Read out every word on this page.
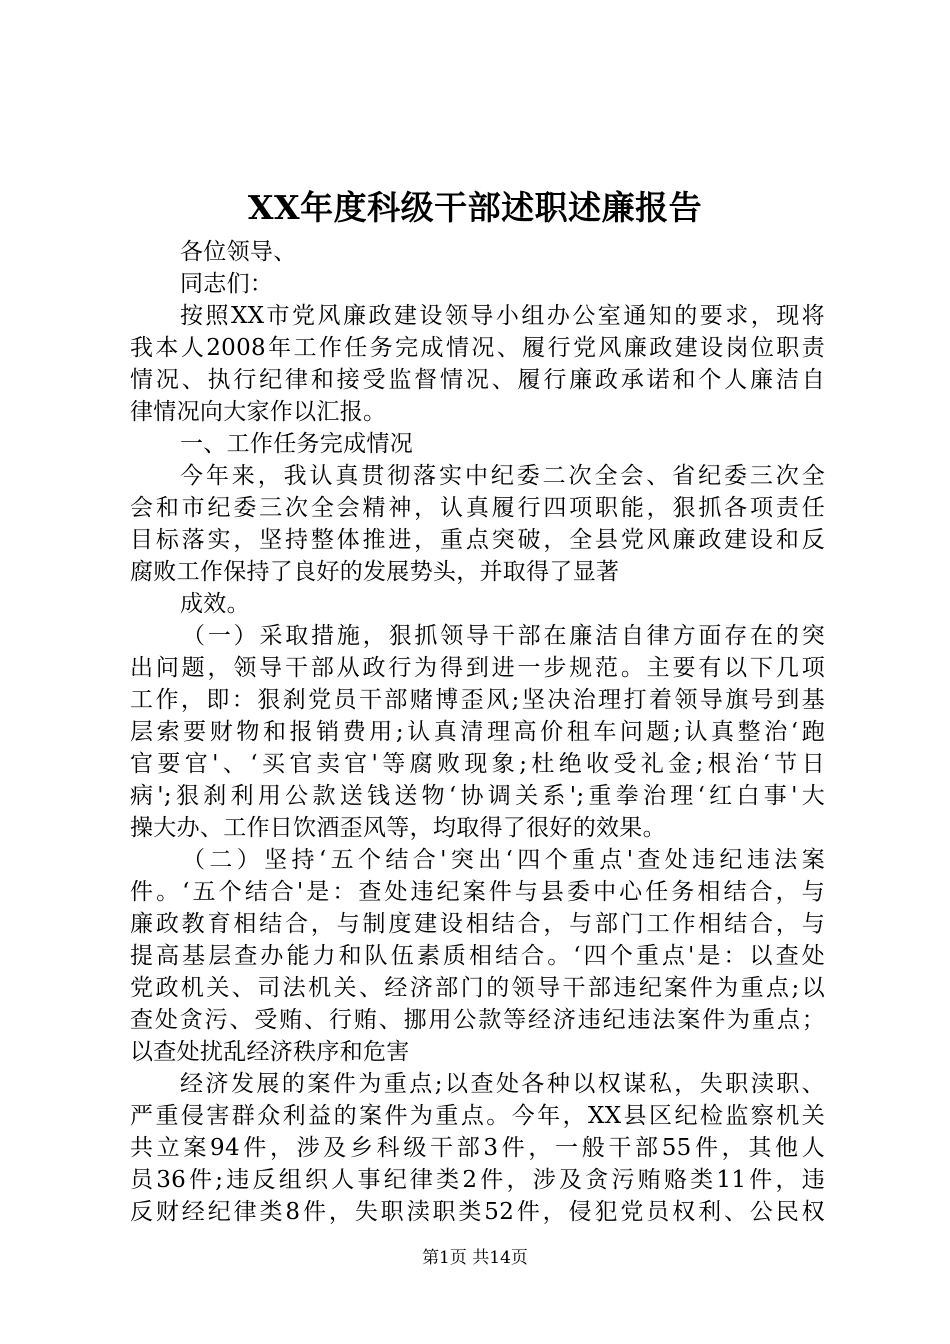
XX年度科级干部述职述廉报告
各位领导、
同志们：
按照XX市党风廉政建设领导小组办公室通知的要求，现将
我本人2008年工作任务完成情况、履行党风廉政建设岗位职责
情况、执行纪律和接受监督情况、履行廉政承诺和个人廉洁自
律情况向大家作以汇报。
一、工作任务完成情况
今年来，我认真贯彻落实中纪委二次全会、省纪委三次全
会和市纪委三次全会精神，认真履行四项职能，狠抓各项责任
目标落实，坚持整体推进，重点突破，全县党风廉政建设和反
腐败工作保持了良好的发展势头，并取得了显著
成效。
（一）采取措施，狠抓领导干部在廉洁自律方面存在的突
出问题，领导干部从政行为得到进一步规范。主要有以下几项
工作，即：狠刹党员干部赌博歪风;坚决治理打着领导旗号到基
层索要财物和报销费用;认真清理高价租车问题;认真整治‘跑
官要官'、‘买官卖官'等腐败现象;杜绝收受礼金;根治‘节日
病';狠刹利用公款送钱送物‘协调关系';重拳治理‘红白事'大
操大办、工作日饮酒歪风等，均取得了很好的效果。
（二）坚持‘五个结合'突出‘四个重点'查处违纪违法案
件。‘五个结合'是：查处违纪案件与县委中心任务相结合，与
廉政教育相结合，与制度建设相结合，与部门工作相结合，与
提高基层查办能力和队伍素质相结合。‘四个重点'是：以查处
党政机关、司法机关、经济部门的领导干部违纪案件为重点;以
查处贪污、受贿、行贿、挪用公款等经济违纪违法案件为重点；
以查处扰乱经济秩序和危害
经济发展的案件为重点;以查处各种以权谋私，失职渎职、
严重侵害群众利益的案件为重点。今年，XX县区纪检监察机关
共立案94件，涉及乡科级干部3件，一般干部55件，其他人
员36件;违反组织人事纪律类2件，涉及贪污贿赂类11件，违
反财经纪律类8件，失职渎职类52件，侵犯党员权利、公民权
第1页 共14页
